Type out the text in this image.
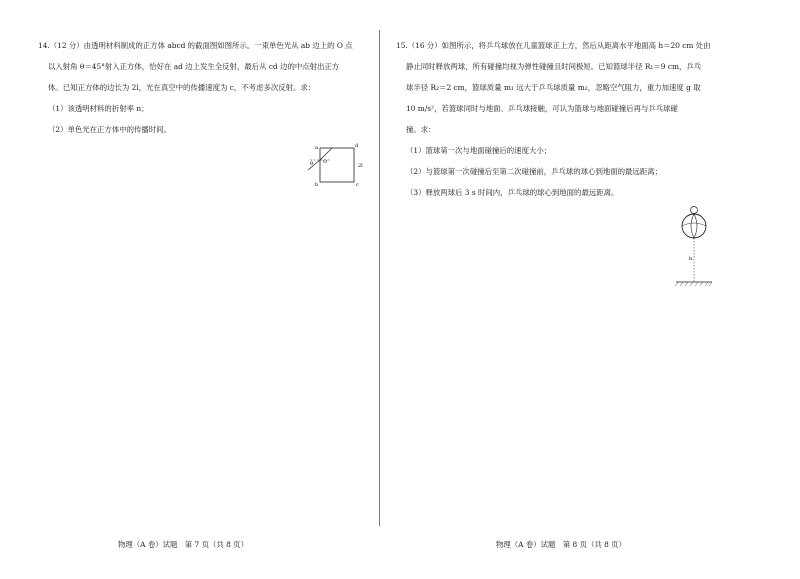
14.（12 分）由透明材料制成的正方体 abcd 的截面图如图所示。一束单色光从 ab 边上的 O 点

以入射角 θ＝45°射入正方体，恰好在 ad 边上发生全反射，最后从 cd 边的中点射出正方

体。已知正方体的边长为 2l，光在真空中的传播速度为 c，不考虑多次反射。求：

（1）该透明材料的折射率 n；

（2）单色光在正方体中的传播时间。

a
b	c
d
O
θ	2l
物理（A 卷）试题　第 7 页（共 8 页）

15.（16 分）如图所示，将乒乓球放在儿童篮球正上方，然后从距离水平地面高 h＝20 cm 处由

静止同时释放两球，所有碰撞均视为弹性碰撞且时间极短。已知篮球半径 R₁＝9 cm，乒乓

球半径 R₂＝2 cm，篮球质量 m₁ 远大于乒乓球质量 m₂，忽略空气阻力，重力加速度 g 取

10 m/s²，若篮球同时与地面、乒乓球接触，可认为篮球与地面碰撞后再与乒乓球碰

撞。求：

（1）篮球第一次与地面碰撞后的速度大小；

（2）与篮球第一次碰撞后至第二次碰撞前，乒乓球的球心到地面的最远距离；

（3）释放两球后 3 s 时间内，乒乓球的球心到地面的最远距离。

h
物理（A 卷）试题　第 8 页（共 8 页）
